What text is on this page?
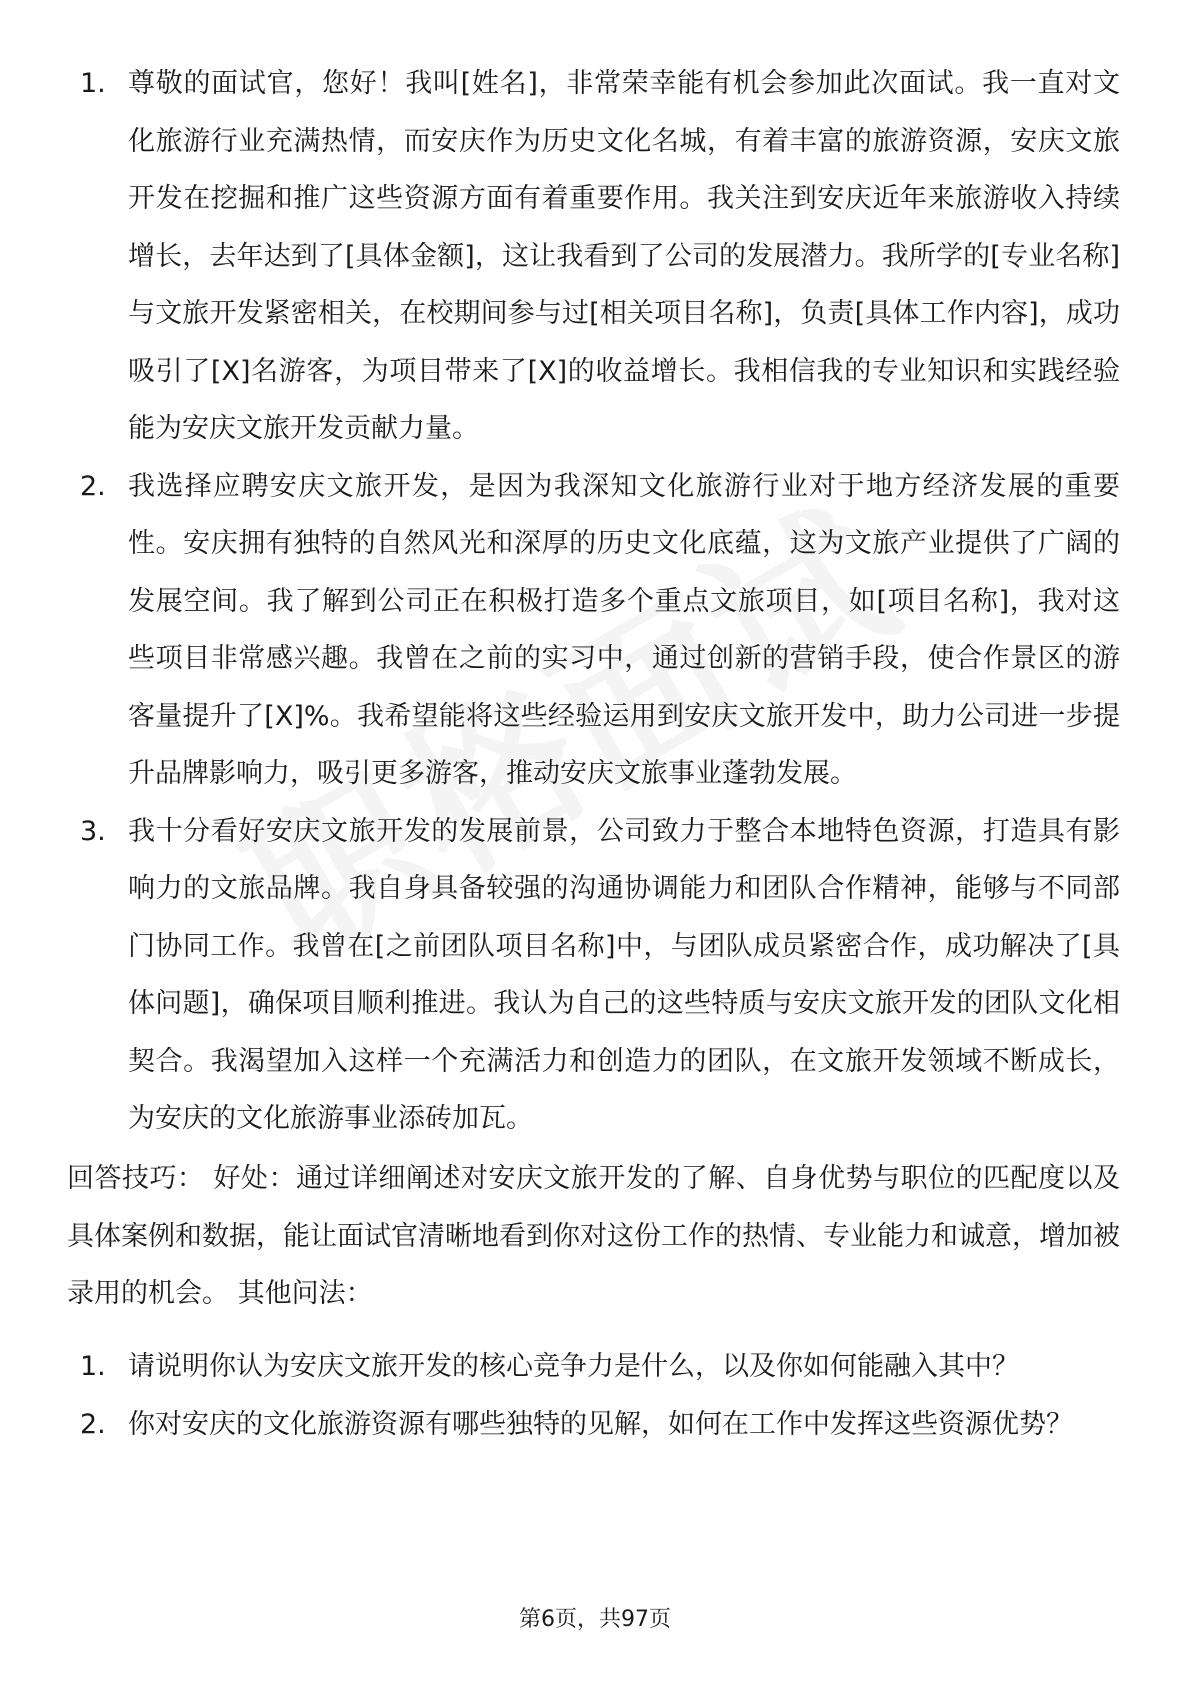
1. 尊敬的面试官，您好！我叫[姓名]，非常荣幸能有机会参加此次面试。我一直对文化旅游行业充满热情，而安庆作为历史文化名城，有着丰富的旅游资源，安庆文旅开发在挖掘和推广这些资源方面有着重要作用。我关注到安庆近年来旅游收入持续增长，去年达到了[具体金额]，这让我看到了公司的发展潜力。我所学的[专业名称]与文旅开发紧密相关，在校期间参与过[相关项目名称]，负责[具体工作内容]，成功吸引了[X]名游客，为项目带来了[X]的收益增长。我相信我的专业知识和实践经验能为安庆文旅开发贡献力量。
2. 我选择应聘安庆文旅开发，是因为我深知文化旅游行业对于地方经济发展的重要性。安庆拥有独特的自然风光和深厚的历史文化底蕴，这为文旅产业提供了广阔的发展空间。我了解到公司正在积极打造多个重点文旅项目，如[项目名称]，我对这些项目非常感兴趣。我曾在之前的实习中，通过创新的营销手段，使合作景区的游客量提升了[X]%。我希望能将这些经验运用到安庆文旅开发中，助力公司进一步提升品牌影响力，吸引更多游客，推动安庆文旅事业蓬勃发展。
3. 我十分看好安庆文旅开发的发展前景，公司致力于整合本地特色资源，打造具有影响力的文旅品牌。我自身具备较强的沟通协调能力和团队合作精神，能够与不同部门协同工作。我曾在[之前团队项目名称]中，与团队成员紧密合作，成功解决了[具体问题]，确保项目顺利推进。我认为自己的这些特质与安庆文旅开发的团队文化相契合。我渴望加入这样一个充满活力和创造力的团队，在文旅开发领域不断成长，为安庆的文化旅游事业添砖加瓦。

回答技巧： 好处：通过详细阐述对安庆文旅开发的了解、自身优势与职位的匹配度以及具体案例和数据，能让面试官清晰地看到你对这份工作的热情、专业能力和诚意，增加被录用的机会。 其他问法：

1. 请说明你认为安庆文旅开发的核心竞争力是什么，以及你如何能融入其中？
2. 你对安庆的文化旅游资源有哪些独特的见解，如何在工作中发挥这些资源优势？
第6页，共97页
